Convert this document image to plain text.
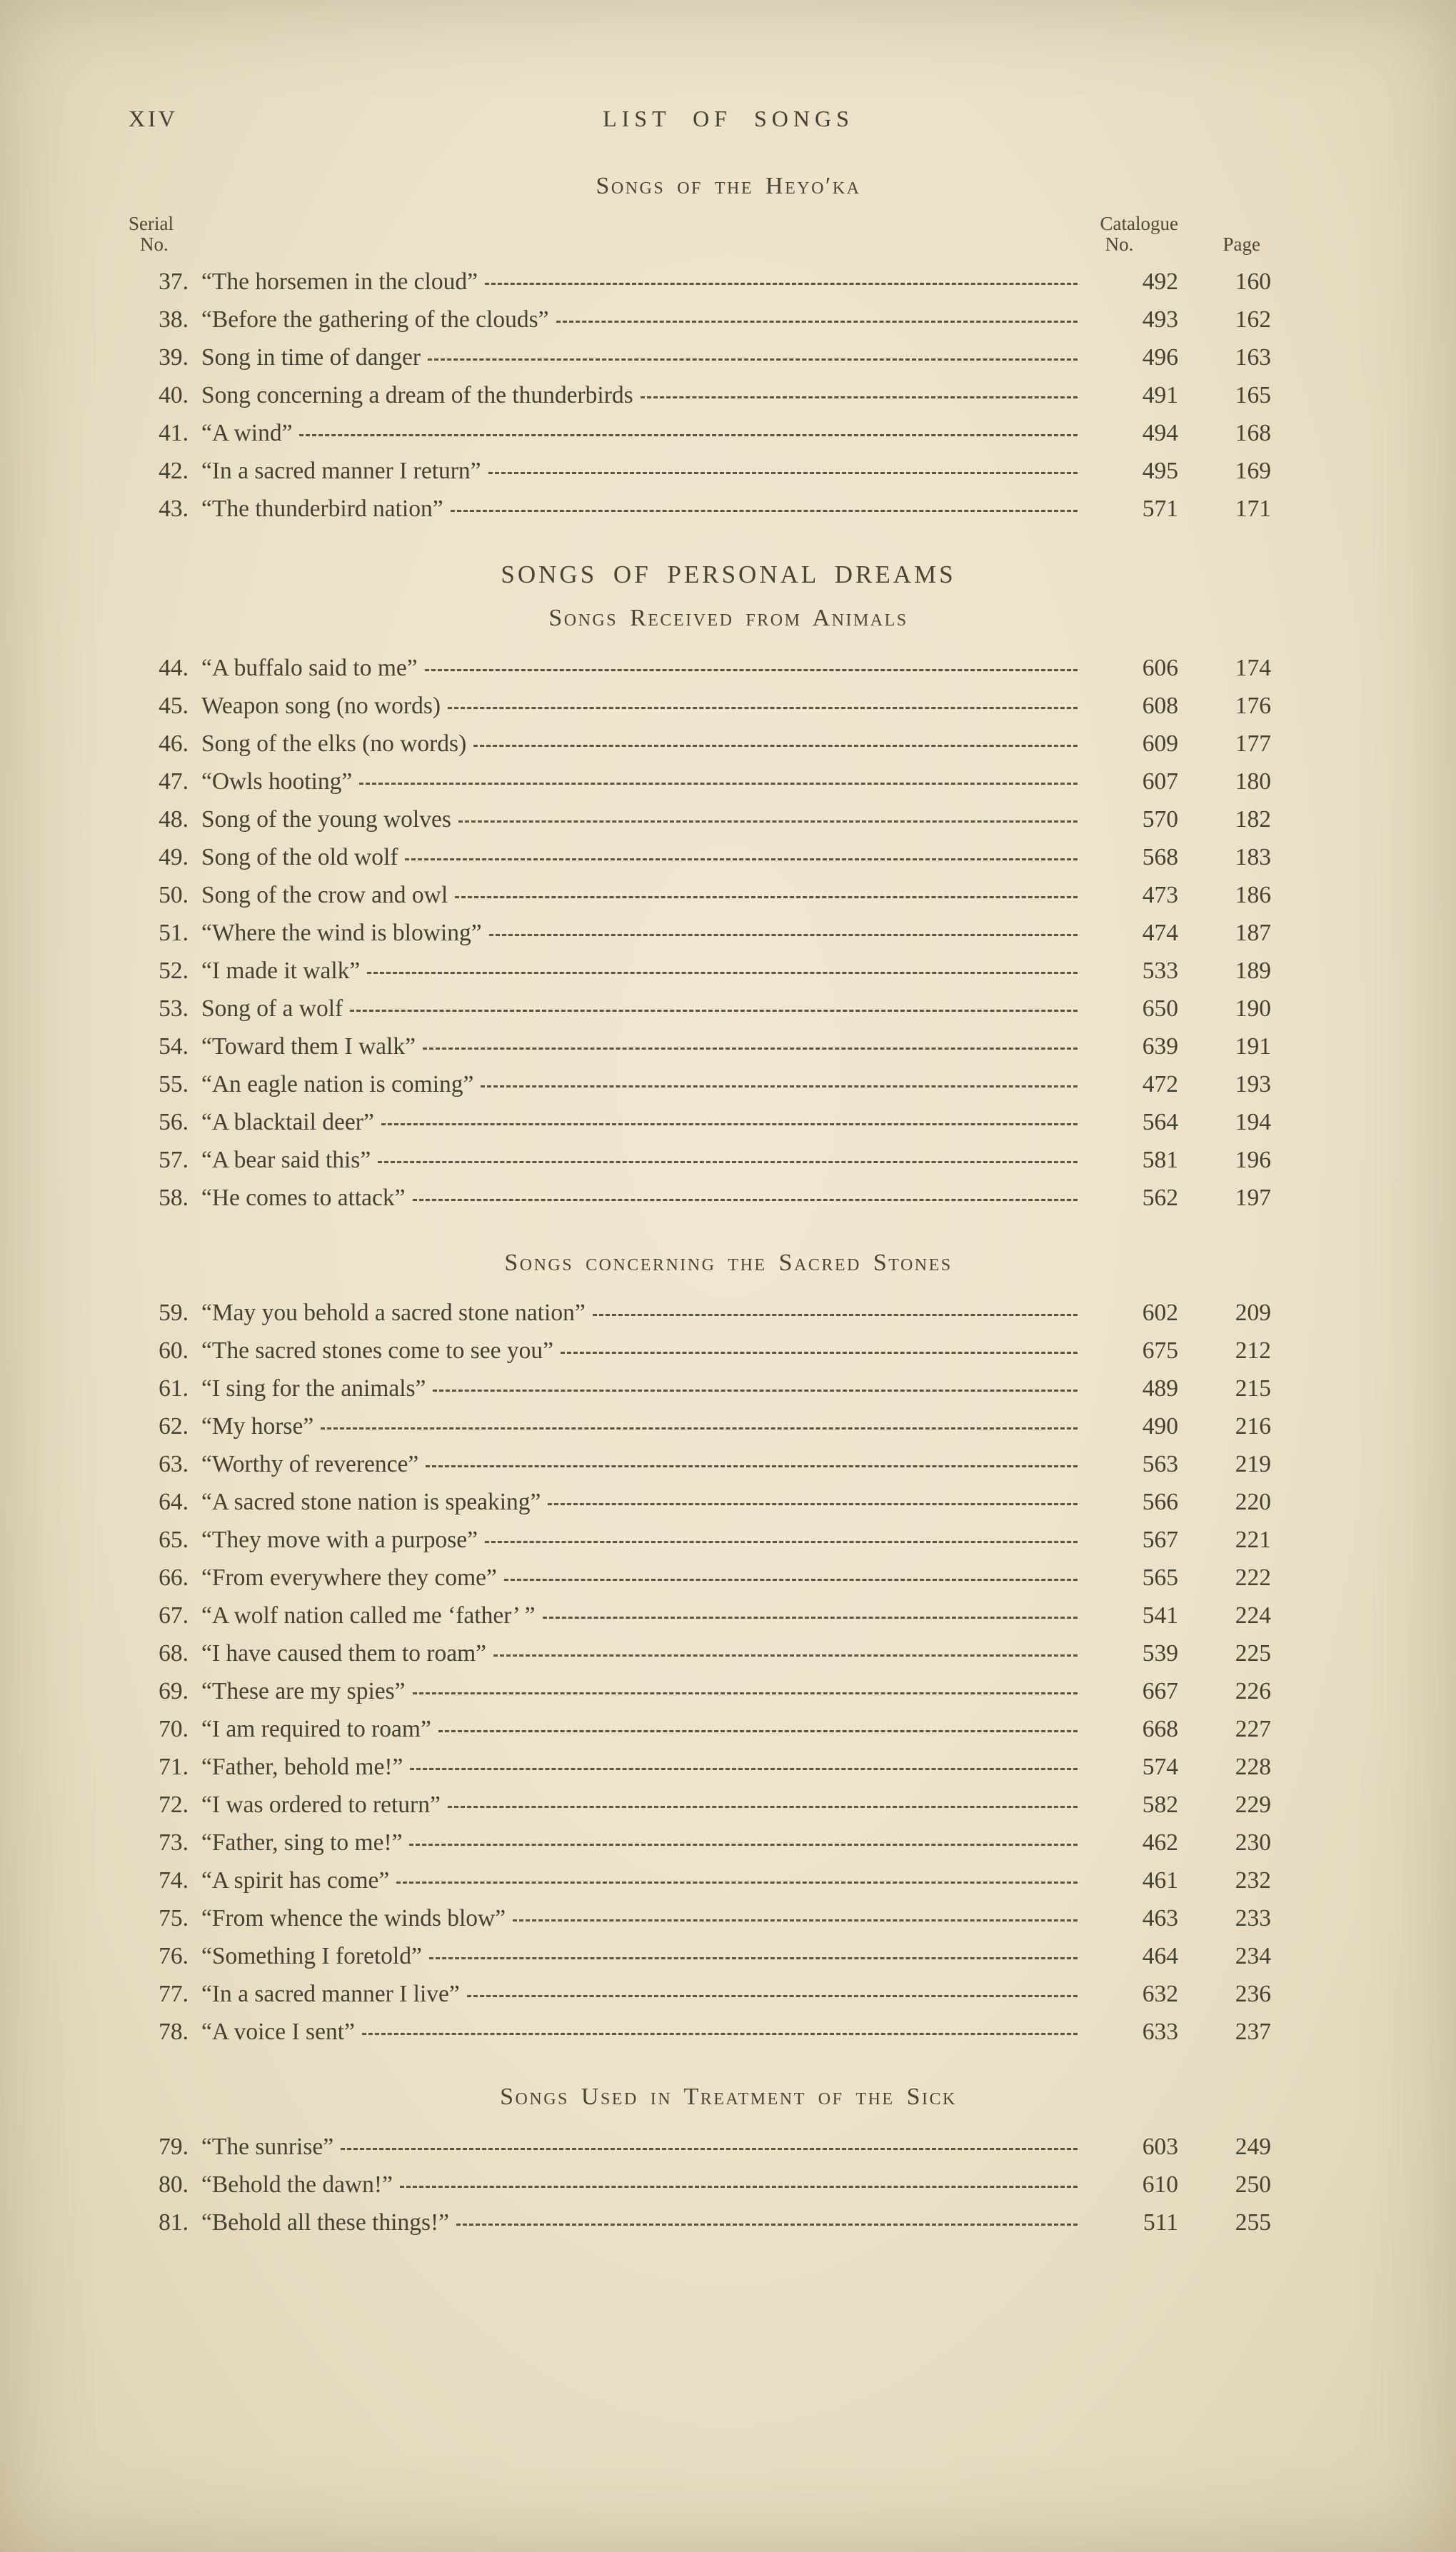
XIV	LIST OF SONGS
Songs of the Heyo′ka
Serial
No.
Catalogue
No.	Page
37. “The horsemen in the cloud”	492	160
38. “Before the gathering of the clouds”	493	162
39. Song in time of danger	496	163
40. Song concerning a dream of the thunderbirds	491	165
41. “A wind”	494	168
42. “In a sacred manner I return”	495	169
43. “The thunderbird nation”	571	171
SONGS OF PERSONAL DREAMS
Songs Received from Animals
44. “A buffalo said to me”	606	174
45. Weapon song (no words)	608	176
46. Song of the elks (no words)	609	177
47. “Owls hooting”	607	180
48. Song of the young wolves	570	182
49. Song of the old wolf	568	183
50. Song of the crow and owl	473	186
51. “Where the wind is blowing”	474	187
52. “I made it walk”	533	189
53. Song of a wolf	650	190
54. “Toward them I walk”	639	191
55. “An eagle nation is coming”	472	193
56. “A blacktail deer”	564	194
57. “A bear said this”	581	196
58. “He comes to attack”	562	197
Songs concerning the Sacred Stones
59. “May you behold a sacred stone nation”	602	209
60. “The sacred stones come to see you”	675	212
61. “I sing for the animals”	489	215
62. “My horse”	490	216
63. “Worthy of reverence”	563	219
64. “A sacred stone nation is speaking”	566	220
65. “They move with a purpose”	567	221
66. “From everywhere they come”	565	222
67. “A wolf nation called me ‘father’ ”	541	224
68. “I have caused them to roam”	539	225
69. “These are my spies”	667	226
70. “I am required to roam”	668	227
71. “Father, behold me!”	574	228
72. “I was ordered to return”	582	229
73. “Father, sing to me!”	462	230
74. “A spirit has come”	461	232
75. “From whence the winds blow”	463	233
76. “Something I foretold”	464	234
77. “In a sacred manner I live”	632	236
78. “A voice I sent”	633	237
Songs Used in Treatment of the Sick
79. “The sunrise”	603	249
80. “Behold the dawn!”	610	250
81. “Behold all these things!”	511	255
